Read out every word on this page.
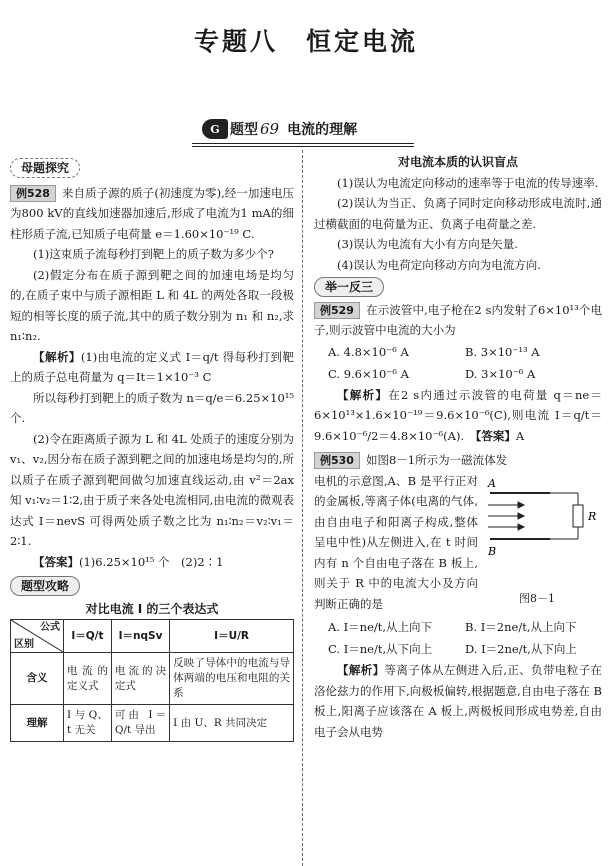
专题八　恒定电流
G 题型 69 电流的理解
母题探究

例528 来自质子源的质子(初速度为零),经一加速电压为800 kV的直线加速器加速后,形成了电流为1 mA的细柱形质子流,已知质子电荷量 e＝1.60×10⁻¹⁹ C.

(1)这束质子流每秒打到靶上的质子数为多少个?

(2)假定分布在质子源到靶之间的加速电场是均匀的,在质子束中与质子源相距 L 和 4L 的两处各取一段极短的相等长度的质子流,其中的质子数分别为 n₁ 和 n₂,求 n₁∶n₂.

【解析】(1)由电流的定义式 I＝q/t 得每秒打到靶上的质子总电荷量为 q＝It＝1×10⁻³ C

所以每秒打到靶上的质子数为 n＝q/e＝6.25×10¹⁵ 个.

(2)令在距离质子源为 L 和 4L 处质子的速度分别为 v₁、v₂,因分布在质子源到靶之间的加速电场是均匀的,所以质子在质子源到靶间做匀加速直线运动,由 v²＝2ax 知 v₁∶v₂＝1∶2,由于质子来各处电流相同,由电流的微观表达式 I＝nevS 可得两处质子数之比为 n₁∶n₂＝v₂∶v₁＝2∶1.

【答案】(1)6.25×10¹⁵ 个　(2)2∶1

题型攻略
对比电流 I 的三个表达式
公式
区别	I＝Q/t	I＝nqSv	I＝U/R
含义	电流的定义式	电流的决定式	反映了导体中的电流与导体两端的电压和电阻的关系
理解	I 与 Q、t 无关	可由 I＝Q/t 导出	I 由 U、R 共同决定
对电流本质的认识盲点

(1)误认为电流定向移动的速率等于电流的传导速率.

(2)误认为当正、负离子同时定向移动形成电流时,通过横截面的电荷量为正、负离子电荷量之差.

(3)误认为电流有大小有方向是矢量.

(4)误认为电荷定向移动方向为电流方向.

举一反三

例529 在示波管中,电子枪在2 s内发射了6×10¹³个电子,则示波管中电流的大小为

A. 4.8×10⁻⁶ A	B. 3×10⁻¹³ A
C. 9.6×10⁻⁶ A	D. 3×10⁻⁶ A

【解析】在2 s内通过示波管的电荷量 q＝ne＝6×10¹³×1.6×10⁻¹⁹＝9.6×10⁻⁶(C),则电流 I＝q/t＝9.6×10⁻⁶/2＝4.8×10⁻⁶(A).　 【答案】A

例530 如图8－1所示为一磁流体发

电机的示意图,A、B 是平行正对的金属板,等离子体(电离的气体,由自由电子和阳离子构成,整体呈电中性)从左侧进入,在 t 时间内有 n 个自由电子落在 B 板上,则关于 R 中的电流大小及方向判断正确的是
A
B
R
图8－1
A. I＝ne/t,从上向下	B. I＝2ne/t,从上向下
C. I＝ne/t,从下向上	D. I＝2ne/t,从下向上

【解析】等离子体从左侧进入后,正、负带电粒子在洛伦兹力的作用下,向极板偏转,根据题意,自由电子落在 B 板上,阳离子应该落在 A 板上,两极板间形成电势差,自由电子会从电势
